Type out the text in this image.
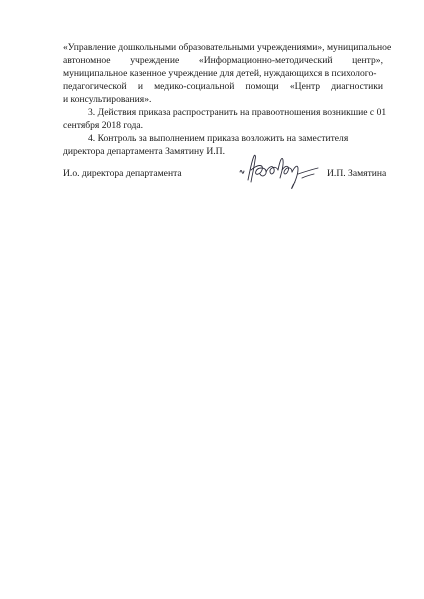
«Управление дошкольными образовательными учреждениями», муниципальное
автономное учреждение «Информационно-методический центр»,
муниципальное казенное учреждение для детей, нуждающихся в психолого-
педагогической и медико-социальной помощи «Центр диагностики
и консультирования».
3. Действия приказа распространить на правоотношения возникшие с 01
сентября 2018 года.
4. Контроль за выполнением приказа возложить на заместителя
директора департамента Замятину И.П.
И.о. директора департамента	И.П. Замятина
